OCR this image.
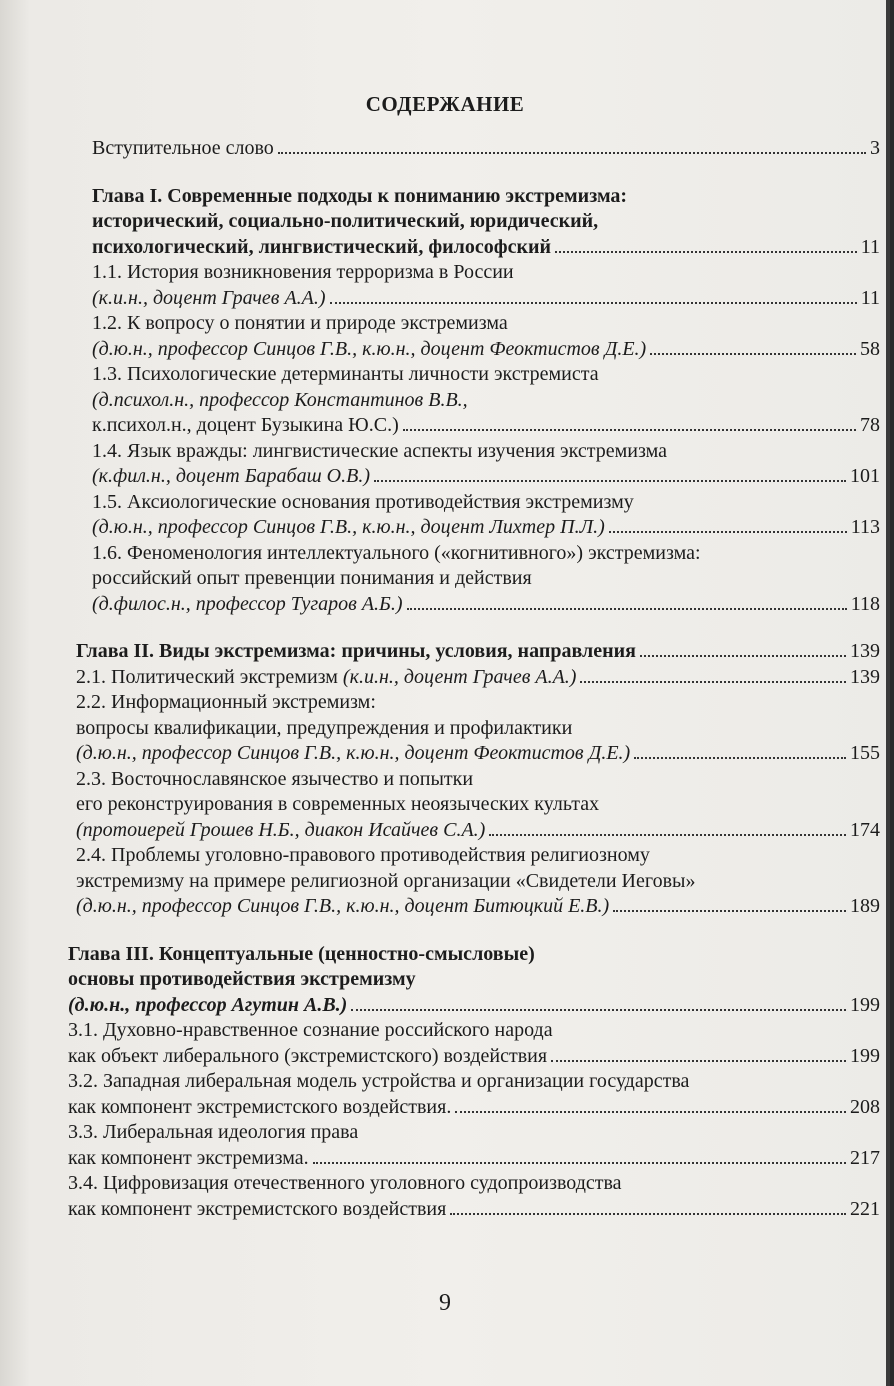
СОДЕРЖАНИЕ
Вступительное слово	3
Глава I. Современные подходы к пониманию экстремизма:
исторический, социально-политический, юридический,
психологический, лингвистический, философский	11
1.1. История возникновения терроризма в России
(к.и.н., доцент Грачев А.А.)	11
1.2. К вопросу о понятии и природе экстремизма
(д.ю.н., профессор Синцов Г.В., к.ю.н., доцент Феоктистов Д.Е.)	58
1.3. Психологические детерминанты личности экстремиста
(д.психол.н., профессор Константинов В.В.,
к.психол.н., доцент Бузыкина Ю.С.)	78
1.4. Язык вражды: лингвистические аспекты изучения экстремизма
(к.фил.н., доцент Барабаш О.В.)	101
1.5. Аксиологические основания противодействия экстремизму
(д.ю.н., профессор Синцов Г.В., к.ю.н., доцент Лихтер П.Л.)	113
1.6. Феноменология интеллектуального («когнитивного») экстремизма:
российский опыт превенции понимания и действия
(д.филос.н., профессор Тугаров А.Б.)	118
Глава II. Виды экстремизма: причины, условия, направления	139
2.1. Политический экстремизм (к.и.н., доцент Грачев А.А.)	139
2.2. Информационный экстремизм:
вопросы квалификации, предупреждения и профилактики
(д.ю.н., профессор Синцов Г.В., к.ю.н., доцент Феоктистов Д.Е.)	155
2.3. Восточнославянское язычество и попытки
его реконструирования в современных неоязыческих культах
(протоиерей Грошев Н.Б., диакон Исайчев С.А.)	174
2.4. Проблемы уголовно-правового противодействия религиозному
экстремизму на примере религиозной организации «Свидетели Иеговы»
(д.ю.н., профессор Синцов Г.В., к.ю.н., доцент Битюцкий Е.В.)	189
Глава III. Концептуальные (ценностно-смысловые)
основы противодействия экстремизму
(д.ю.н., профессор Агутин А.В.)	199
3.1. Духовно-нравственное сознание российского народа
как объект либерального (экстремистского) воздействия	199
3.2. Западная либеральная модель устройства и организации государства
как компонент экстремистского воздействия.	208
3.3. Либеральная идеология права
как компонент экстремизма.	217
3.4. Цифровизация отечественного уголовного судопроизводства
как компонент экстремистского воздействия	221
9
